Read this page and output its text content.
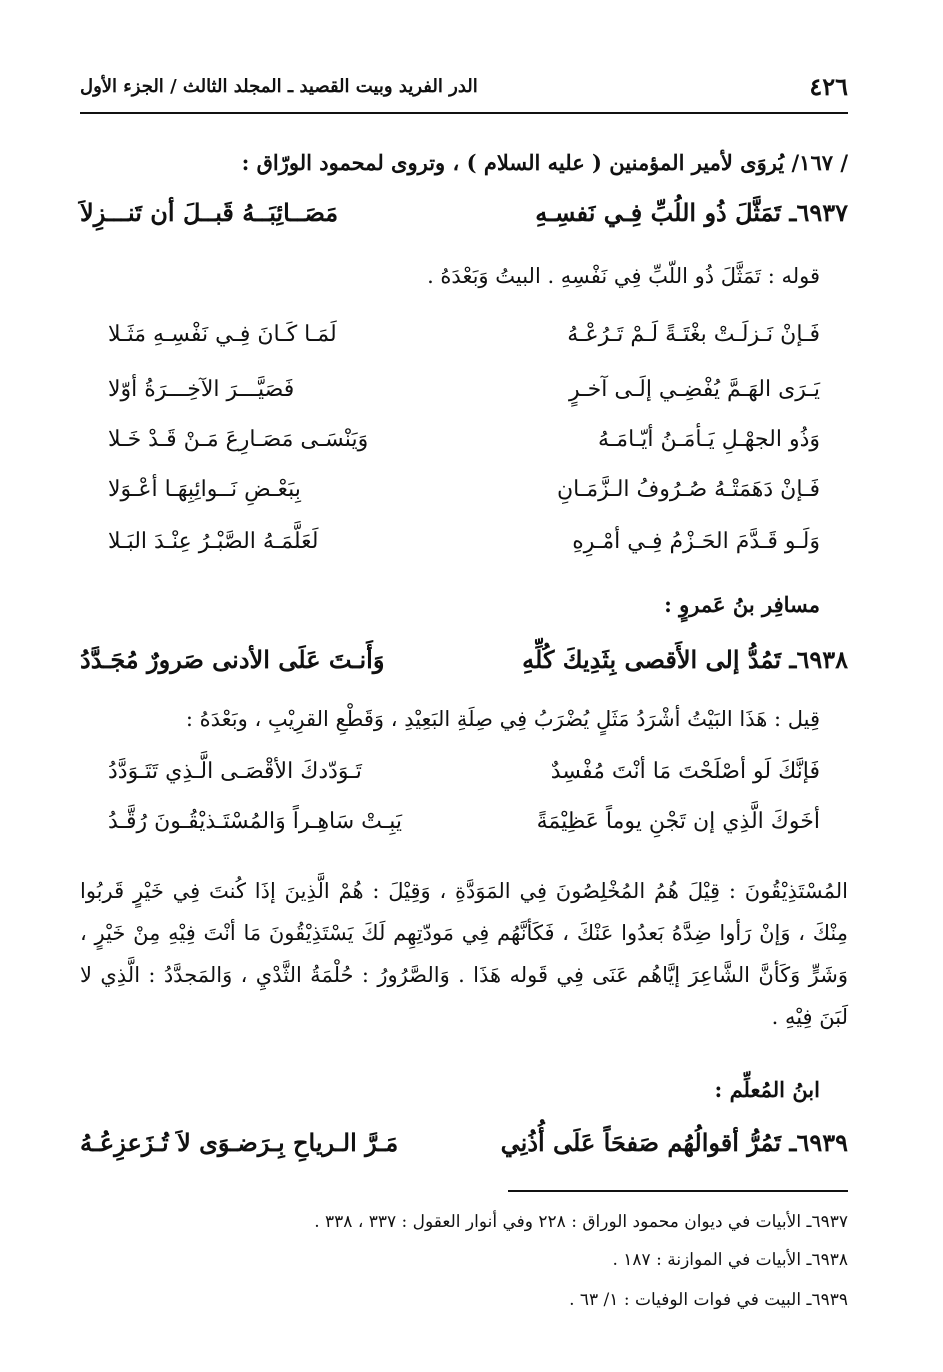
٤٢٦
الدر الفريد وبيت القصيد ـ المجلد الثالث / الجزء الأول
/ ١٦٧/ يُروَى لأمير المؤمنين ( عليه السلام ) ، وتروى لمحمود الورّاق :
٦٩٣٧ـ تَمَثَّلَ ذُو اللُبِّ فِـي نَفسِـهِ
مَصَــائِبَــهُ قَبــلَ أن تَنـــزِلاَ
قوله : تَمَثَّلَ ذُو اللّبِّ فِي نَفْسِهِ . البيتُ وَبَعْدَهُ .
فَـإنْ نَـزلَـتْ بغْتَـةً لَـمْ تَـرُعْـهُ
لَمَـا كَـانَ فِـي نَفْسِـهِ مَثَـلا
يَـرَى الهَـمَّ يُفْضِـي إلَـى آخـرٍ
فَصَيَّـــرَ الآخِـــرَةُ أوّلا
وَذُو الجهْـلِ يَـأمَـنُ أيّـامَـهُ
وَيَنْسَـى مَصَـارِعَ مَـنْ قَـدْ خَـلا
فَـإنْ دَهَمَتْـهُ صُـرُوفُ الـزَّمَـانِ
بِبَعْـضِ نَــوائِبِهَـا أعْـوَلا
وَلَـو قَـدَّمَ الحَـزْمُ فِـي أمْـرِهِ
لَعَلَّمَـهُ الصَّبْـرُ عِنْـدَ البَـلا
مسافِر بنُ عَمروٍ :
٦٩٣٨ـ تَمُدُّ إلى الأَقصى بِثَدِيكَ كُلِّهِ
وَأَنـتَ عَلَى الأدنى صَرورٌ مُجَـدَّدُ
قِيل : هَذَا البَيْتُ أشْرَدُ مَثَلٍ يُضْرَبُ فِي صِلَةِ البَعِيْدِ ، وَقَطْعِ القرِيْبِ ، وبَعْدَهُ :
فَإنَّكَ لَو أصْلَحْتَ مَا أنْتَ مُفْسِدٌ
تَـوَدّدكَ الأقْصَـى الَّـذِي تَتَـوَدَّدُ
أخَوكَ الَّذِي إن تَجْنِ يوماً عَظِيْمَةً
يَبِـتْ سَاهِـراً وَالمُسْتَـذيْقُـونَ رُقَّـدُ
المُسْتَذِيْقُونَ : قِيْلَ هُمُ المُخْلِصُونَ فِي المَوَدَّةِ ، وَقِيْلَ : هُمْ الَّذِينَ إذَا كُنتَ فِي خَيْرٍ قَربُوا مِنْكَ ، وَإنْ رَأوا ضِدَّهُ بَعدُوا عَنْكَ ، فَكَأنَّهُم فِي مَودّتِهِم لَكَ يَسْتَذِيْقُونَ مَا أنْتَ فِيْهِ مِنْ خَيْرٍ ، وَشَرٍّ وَكَأنَّ الشَّاعِرَ إيَّاهُم عَنَى فِي قَوله هَذَا . وَالصَّرُورُ : حُلْمَةُ الثَّدْيِ ، وَالمَجدَّدُ : الَّذِي لا لَبَنَ فِيْهِ .
ابنُ المُعلِّم :
٦٩٣٩ـ تَمُرُّ أقوالُهُم صَفحَاً عَلَى أُذُنِي
مَـرَّ الـرياحِ بِـرَضـوَى لاَ تُـزَعزِعُـهُ
٦٩٣٧ـ الأبيات في ديوان محمود الوراق : ٢٢٨ وفي أنوار العقول : ٣٣٧ ، ٣٣٨ .
٦٩٣٨ـ الأبيات في الموازنة : ١٨٧ .
٦٩٣٩ـ البيت في فوات الوفيات : ١/ ٦٣ .
